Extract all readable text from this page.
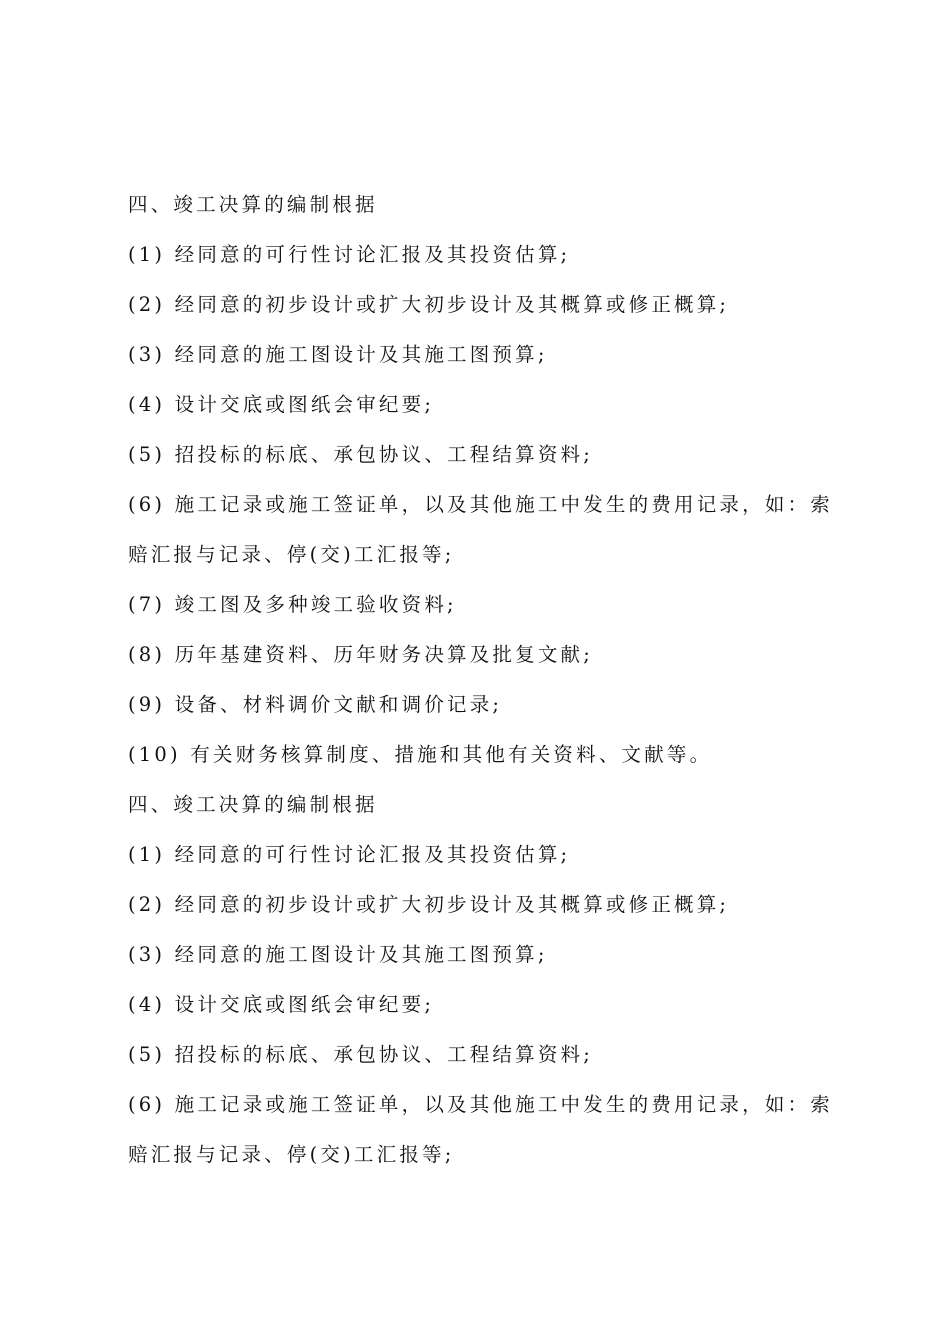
四、竣工决算的编制根据
(1) 经同意的可行性讨论汇报及其投资估算;
(2) 经同意的初步设计或扩大初步设计及其概算或修正概算;
(3) 经同意的施工图设计及其施工图预算;
(4) 设计交底或图纸会审纪要;
(5) 招投标的标底、承包协议、工程结算资料;
(6) 施工记录或施工签证单，以及其他施工中发生的费用记录，如：索
赔汇报与记录、停(交)工汇报等;
(7) 竣工图及多种竣工验收资料;
(8) 历年基建资料、历年财务决算及批复文献;
(9) 设备、材料调价文献和调价记录;
(10) 有关财务核算制度、措施和其他有关资料、文献等。
四、竣工决算的编制根据
(1) 经同意的可行性讨论汇报及其投资估算;
(2) 经同意的初步设计或扩大初步设计及其概算或修正概算;
(3) 经同意的施工图设计及其施工图预算;
(4) 设计交底或图纸会审纪要;
(5) 招投标的标底、承包协议、工程结算资料;
(6) 施工记录或施工签证单，以及其他施工中发生的费用记录，如：索
赔汇报与记录、停(交)工汇报等;
